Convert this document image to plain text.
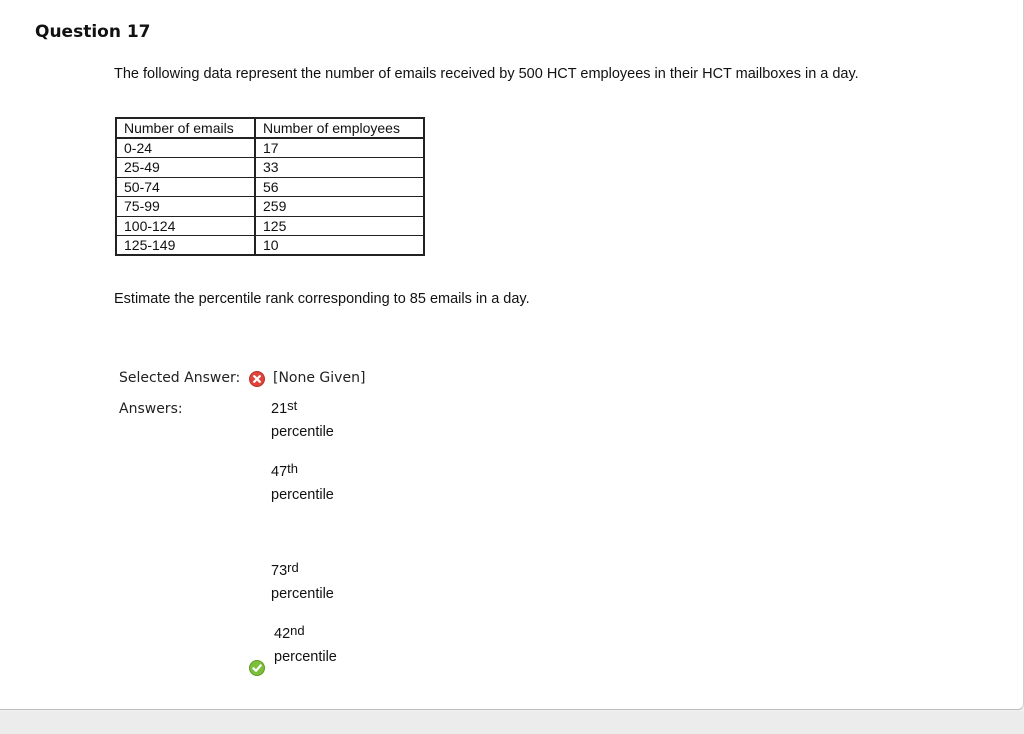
Question 17
The following data represent the number of emails received by 500 HCT employees in their HCT mailboxes in a day.
Number of emails	Number of employees
0-24	17
25-49	33
50-74	56
75-99	259
100-124	125
125-149	10
Estimate the percentile rank corresponding to 85 emails in a day.
Selected Answer: [None Given]
Answers:	21st
percentile
47th
percentile
73rd
percentile
42nd
percentile
